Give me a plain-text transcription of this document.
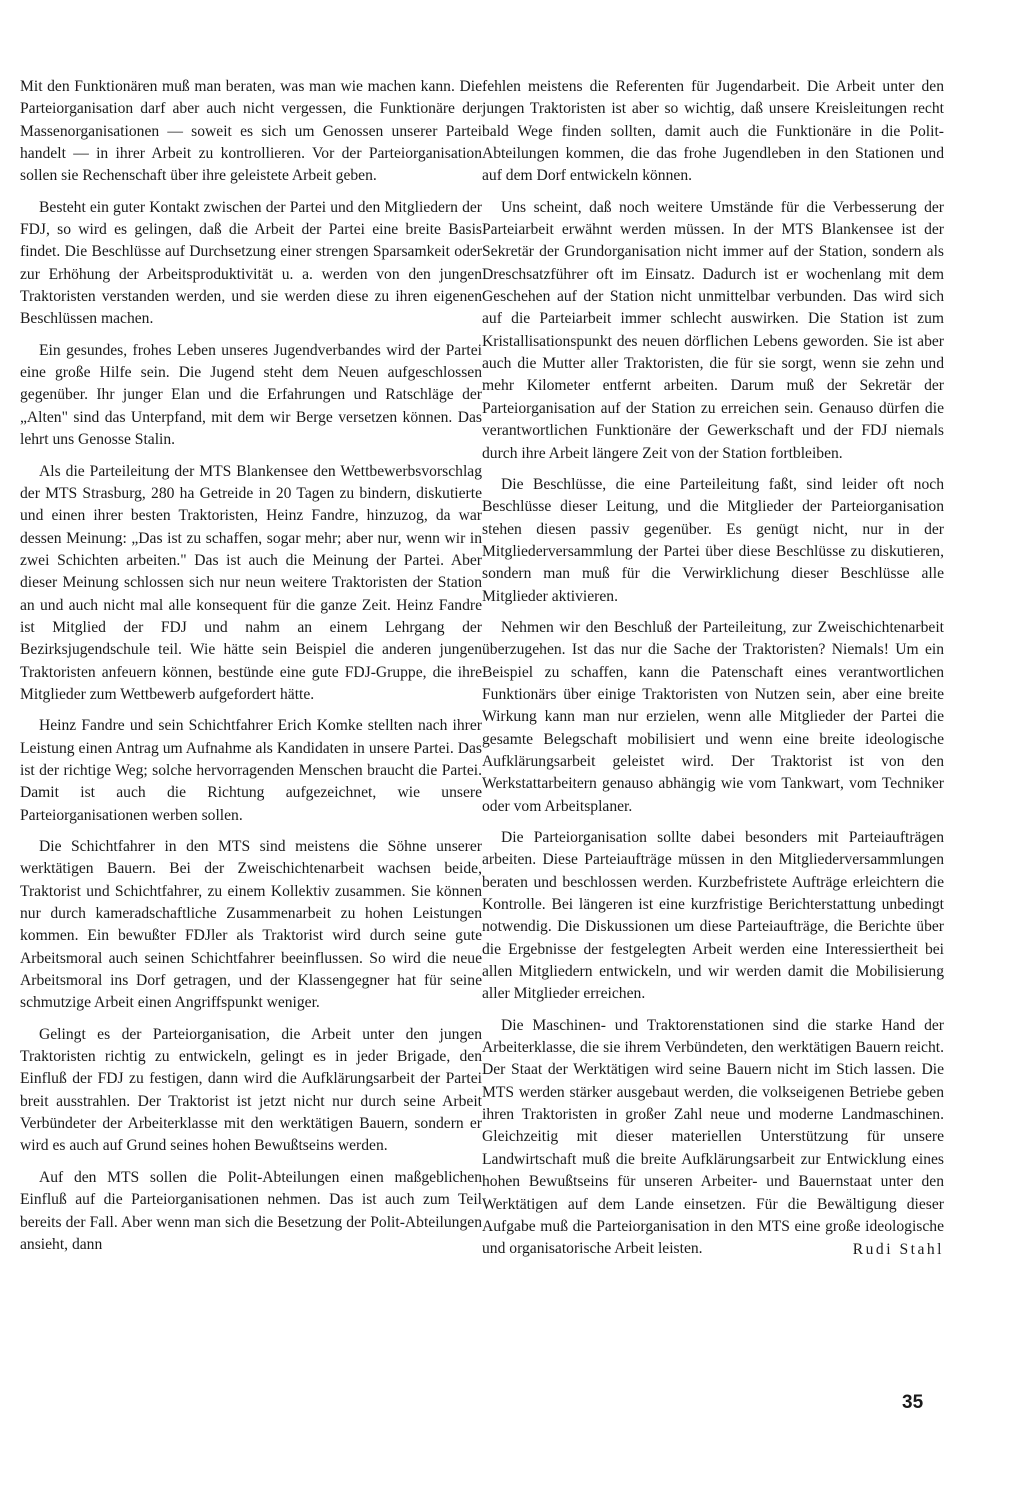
Mit den Funktionären muß man beraten, was man wie machen kann. Die Parteiorganisation darf aber auch nicht vergessen, die Funktionäre der Massenorganisationen — soweit es sich um Genossen unserer Partei handelt — in ihrer Arbeit zu kontrollieren. Vor der Parteiorganisation sollen sie Rechenschaft über ihre geleistete Arbeit geben.

Besteht ein guter Kontakt zwischen der Partei und den Mitgliedern der FDJ, so wird es gelingen, daß die Arbeit der Partei eine breite Basis findet. Die Beschlüsse auf Durchsetzung einer strengen Sparsamkeit oder zur Erhöhung der Arbeitsproduktivität u. a. werden von den jungen Traktoristen verstanden werden, und sie werden diese zu ihren eigenen Beschlüssen machen.

Ein gesundes, frohes Leben unseres Jugendverbandes wird der Partei eine große Hilfe sein. Die Jugend steht dem Neuen aufgeschlossen gegenüber. Ihr junger Elan und die Erfahrungen und Ratschläge der „Alten" sind das Unterpfand, mit dem wir Berge versetzen können. Das lehrt uns Genosse Stalin.

Als die Parteileitung der MTS Blankensee den Wettbewerbsvorschlag der MTS Strasburg, 280 ha Getreide in 20 Tagen zu bindern, diskutierte und einen ihrer besten Traktoristen, Heinz Fandre, hinzuzog, da war dessen Meinung: „Das ist zu schaffen, sogar mehr; aber nur, wenn wir in zwei Schichten arbeiten." Das ist auch die Meinung der Partei. Aber dieser Meinung schlossen sich nur neun weitere Traktoristen der Station an und auch nicht mal alle konsequent für die ganze Zeit. Heinz Fandre ist Mitglied der FDJ und nahm an einem Lehrgang der Bezirksjugendschule teil. Wie hätte sein Beispiel die anderen jungen Traktoristen anfeuern können, bestünde eine gute FDJ-Gruppe, die ihre Mitglieder zum Wettbewerb aufgefordert hätte.

Heinz Fandre und sein Schichtfahrer Erich Komke stellten nach ihrer Leistung einen Antrag um Aufnahme als Kandidaten in unsere Partei. Das ist der richtige Weg; solche hervorragenden Menschen braucht die Partei. Damit ist auch die Richtung aufgezeichnet, wie unsere Parteiorganisationen werben sollen.

Die Schichtfahrer in den MTS sind meistens die Söhne unserer werktätigen Bauern. Bei der Zweischichtenarbeit wachsen beide, Traktorist und Schichtfahrer, zu einem Kollektiv zusammen. Sie können nur durch kameradschaftliche Zusammenarbeit zu hohen Leistungen kommen. Ein bewußter FDJler als Traktorist wird durch seine gute Arbeitsmoral auch seinen Schichtfahrer beeinflussen. So wird die neue Arbeitsmoral ins Dorf getragen, und der Klassengegner hat für seine schmutzige Arbeit einen Angriffspunkt weniger.

Gelingt es der Parteiorganisation, die Arbeit unter den jungen Traktoristen richtig zu entwickeln, gelingt es in jeder Brigade, den Einfluß der FDJ zu festigen, dann wird die Aufklärungsarbeit der Partei breit ausstrahlen. Der Traktorist ist jetzt nicht nur durch seine Arbeit Verbündeter der Arbeiterklasse mit den werktätigen Bauern, sondern er wird es auch auf Grund seines hohen Bewußtseins werden.

Auf den MTS sollen die Polit-Abteilungen einen maßgeblichen Einfluß auf die Parteiorganisationen nehmen. Das ist auch zum Teil bereits der Fall. Aber wenn man sich die Besetzung der Polit-Abteilungen ansieht, dann

fehlen meistens die Referenten für Jugendarbeit. Die Arbeit unter den jungen Traktoristen ist aber so wichtig, daß unsere Kreisleitungen recht bald Wege finden sollten, damit auch die Funktionäre in die Polit-Abteilungen kommen, die das frohe Jugendleben in den Stationen und auf dem Dorf entwickeln können.

Uns scheint, daß noch weitere Umstände für die Verbesserung der Parteiarbeit erwähnt werden müssen. In der MTS Blankensee ist der Sekretär der Grundorganisation nicht immer auf der Station, sondern als Dreschsatzführer oft im Einsatz. Dadurch ist er wochenlang mit dem Geschehen auf der Station nicht unmittelbar verbunden. Das wird sich auf die Parteiarbeit immer schlecht auswirken. Die Station ist zum Kristallisationspunkt des neuen dörflichen Lebens geworden. Sie ist aber auch die Mutter aller Traktoristen, die für sie sorgt, wenn sie zehn und mehr Kilometer entfernt arbeiten. Darum muß der Sekretär der Parteiorganisation auf der Station zu erreichen sein. Genauso dürfen die verantwortlichen Funktionäre der Gewerkschaft und der FDJ niemals durch ihre Arbeit längere Zeit von der Station fortbleiben.

Die Beschlüsse, die eine Parteileitung faßt, sind leider oft noch Beschlüsse dieser Leitung, und die Mitglieder der Parteiorganisation stehen diesen passiv gegenüber. Es genügt nicht, nur in der Mitgliederversammlung der Partei über diese Beschlüsse zu diskutieren, sondern man muß für die Verwirklichung dieser Beschlüsse alle Mitglieder aktivieren.

Nehmen wir den Beschluß der Parteileitung, zur Zweischichtenarbeit überzugehen. Ist das nur die Sache der Traktoristen? Niemals! Um ein Beispiel zu schaffen, kann die Patenschaft eines verantwortlichen Funktionärs über einige Traktoristen von Nutzen sein, aber eine breite Wirkung kann man nur erzielen, wenn alle Mitglieder der Partei die gesamte Belegschaft mobilisiert und wenn eine breite ideologische Aufklärungsarbeit geleistet wird. Der Traktorist ist von den Werkstattarbeitern genauso abhängig wie vom Tankwart, vom Techniker oder vom Arbeitsplaner.

Die Parteiorganisation sollte dabei besonders mit Parteiaufträgen arbeiten. Diese Parteiaufträge müssen in den Mitgliederversammlungen beraten und beschlossen werden. Kurzbefristete Aufträge erleichtern die Kontrolle. Bei längeren ist eine kurzfristige Berichterstattung unbedingt notwendig. Die Diskussionen um diese Parteiaufträge, die Berichte über die Ergebnisse der festgelegten Arbeit werden eine Interessiertheit bei allen Mitgliedern entwickeln, und wir werden damit die Mobilisierung aller Mitglieder erreichen.

Die Maschinen- und Traktorenstationen sind die starke Hand der Arbeiterklasse, die sie ihrem Verbündeten, den werktätigen Bauern reicht. Der Staat der Werktätigen wird seine Bauern nicht im Stich lassen. Die MTS werden stärker ausgebaut werden, die volkseigenen Betriebe geben ihren Traktoristen in großer Zahl neue und moderne Landmaschinen. Gleichzeitig mit dieser materiellen Unterstützung für unsere Landwirtschaft muß die breite Aufklärungsarbeit zur Entwicklung eines hohen Bewußtseins für unseren Arbeiter- und Bauernstaat unter den Werktätigen auf dem Lande einsetzen. Für die Bewältigung dieser Aufgabe muß die Parteiorganisation in den MTS eine große ideologische und organisatorische Arbeit leisten.	Rudi Stahl
35
